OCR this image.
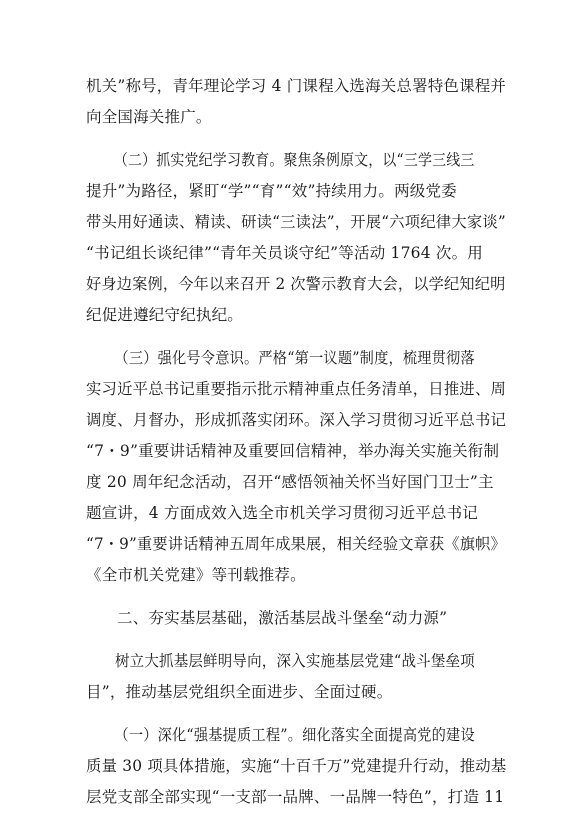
机关”称号，青年理论学习 4 门课程入选海关总署特色课程并
向全国海关推广。

（二）抓实党纪学习教育。聚焦条例原文，以“三学三线三
提升”为路径，紧盯“学”“育”“效”持续用力。两级党委
带头用好通读、精读、研读“三读法”，开展“六项纪律大家谈”
“书记组长谈纪律”“青年关员谈守纪”等活动 1764 次。用
好身边案例，今年以来召开 2 次警示教育大会，以学纪知纪明
纪促进遵纪守纪执纪。

（三）强化号令意识。严格“第一议题”制度，梳理贯彻落
实习近平总书记重要指示批示精神重点任务清单，日推进、周
调度、月督办，形成抓落实闭环。深入学习贯彻习近平总书记
“7・9”重要讲话精神及重要回信精神，举办海关实施关衔制
度 20 周年纪念活动，召开“感悟领袖关怀当好国门卫士”主
题宣讲，4 方面成效入选全市机关学习贯彻习近平总书记
“7・9”重要讲话精神五周年成果展，相关经验文章获《旗帜》
《全市机关党建》等刊载推荐。

二、夯实基层基础，激活基层战斗堡垒“动力源”

树立大抓基层鲜明导向，深入实施基层党建“战斗堡垒项
目”，推动基层党组织全面进步、全面过硬。

（一）深化“强基提质工程”。细化落实全面提高党的建设
质量 30 项具体措施，实施“十百千万”党建提升行动，推动基
层党支部全部实现“一支部一品牌、一品牌一特色”，打造 11
